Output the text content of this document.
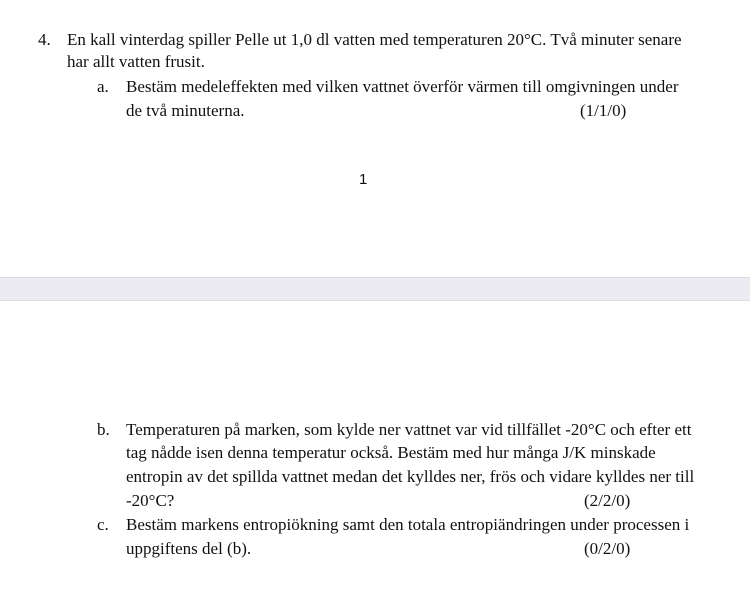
4. En kall vinterdag spiller Pelle ut 1,0 dl vatten med temperaturen 20°C. Två minuter senare
har allt vatten frusit.
a. Bestäm medeleffekten med vilken vattnet överför värmen till omgivningen under
de två minuterna.	(1/1/0)
1
b. Temperaturen på marken, som kylde ner vattnet var vid tillfället -20°C och efter ett
tag nådde isen denna temperatur också. Bestäm med hur många J/K minskade
entropin av det spillda vattnet medan det kylldes ner, frös och vidare kylldes ner till
-20°C?	(2/2/0)
c. Bestäm markens entropiökning samt den totala entropiändringen under processen i
uppgiftens del (b).	(0/2/0)
